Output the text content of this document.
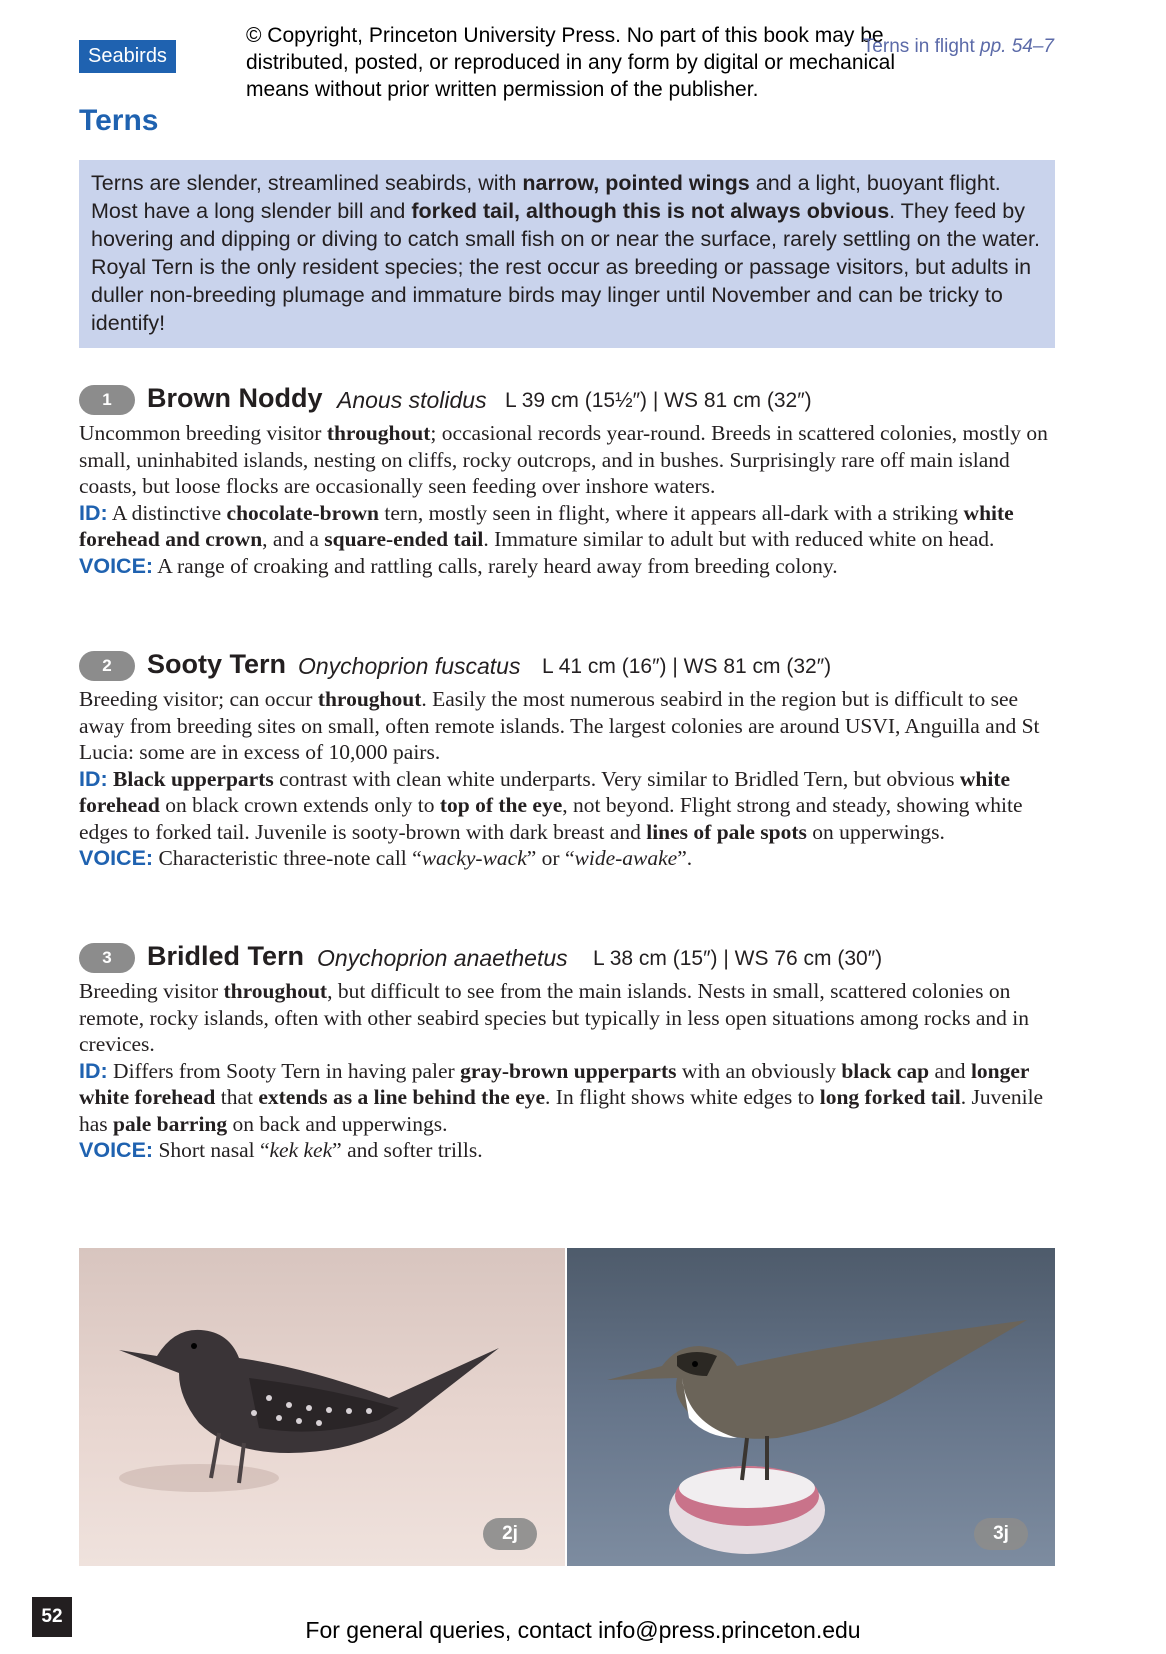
Seabirds
© Copyright, Princeton University Press. No part of this book may be distributed, posted, or reproduced in any form by digital or mechanical means without prior written permission of the publisher.
Terns in flight pp. 54–7
Terns
Terns are slender, streamlined seabirds, with narrow, pointed wings and a light, buoyant flight. Most have a long slender bill and forked tail, although this is not always obvious. They feed by hovering and dipping or diving to catch small fish on or near the surface, rarely settling on the water. Royal Tern is the only resident species; the rest occur as breeding or passage visitors, but adults in duller non-breeding plumage and immature birds may linger until November and can be tricky to identify!
1	Brown Noddy Anous stolidus L 39 cm (15½″) | WS 81 cm (32″)
Uncommon breeding visitor throughout; occasional records year-round. Breeds in scattered colonies, mostly on small, uninhabited islands, nesting on cliffs, rocky outcrops, and in bushes. Surprisingly rare off main island coasts, but loose flocks are occasionally seen feeding over inshore waters.
ID: A distinctive chocolate-brown tern, mostly seen in flight, where it appears all-dark with a striking white forehead and crown, and a square-ended tail. Immature similar to adult but with reduced white on head.
VOICE: A range of croaking and rattling calls, rarely heard away from breeding colony.
2	Sooty Tern Onychoprion fuscatus L 41 cm (16″) | WS 81 cm (32″)
Breeding visitor; can occur throughout. Easily the most numerous seabird in the region but is difficult to see away from breeding sites on small, often remote islands. The largest colonies are around USVI, Anguilla and St Lucia: some are in excess of 10,000 pairs.
ID: Black upperparts contrast with clean white underparts. Very similar to Bridled Tern, but obvious white forehead on black crown extends only to top of the eye, not beyond. Flight strong and steady, showing white edges to forked tail. Juvenile is sooty-brown with dark breast and lines of pale spots on upperwings.
VOICE: Characteristic three-note call “wacky-wack” or “wide-awake”.
3	Bridled Tern Onychoprion anaethetus L 38 cm (15″) | WS 76 cm (30″)
Breeding visitor throughout, but difficult to see from the main islands. Nests in small, scattered colonies on remote, rocky islands, often with other seabird species but typically in less open situations among rocks and in crevices.
ID: Differs from Sooty Tern in having paler gray-brown upperparts with an obviously black cap and longer white forehead that extends as a line behind the eye. In flight shows white edges to long forked tail. Juvenile has pale barring on back and upperwings.
VOICE: Short nasal “kek kek” and softer trills.
2j	3j
52
For general queries, contact info@press.princeton.edu
